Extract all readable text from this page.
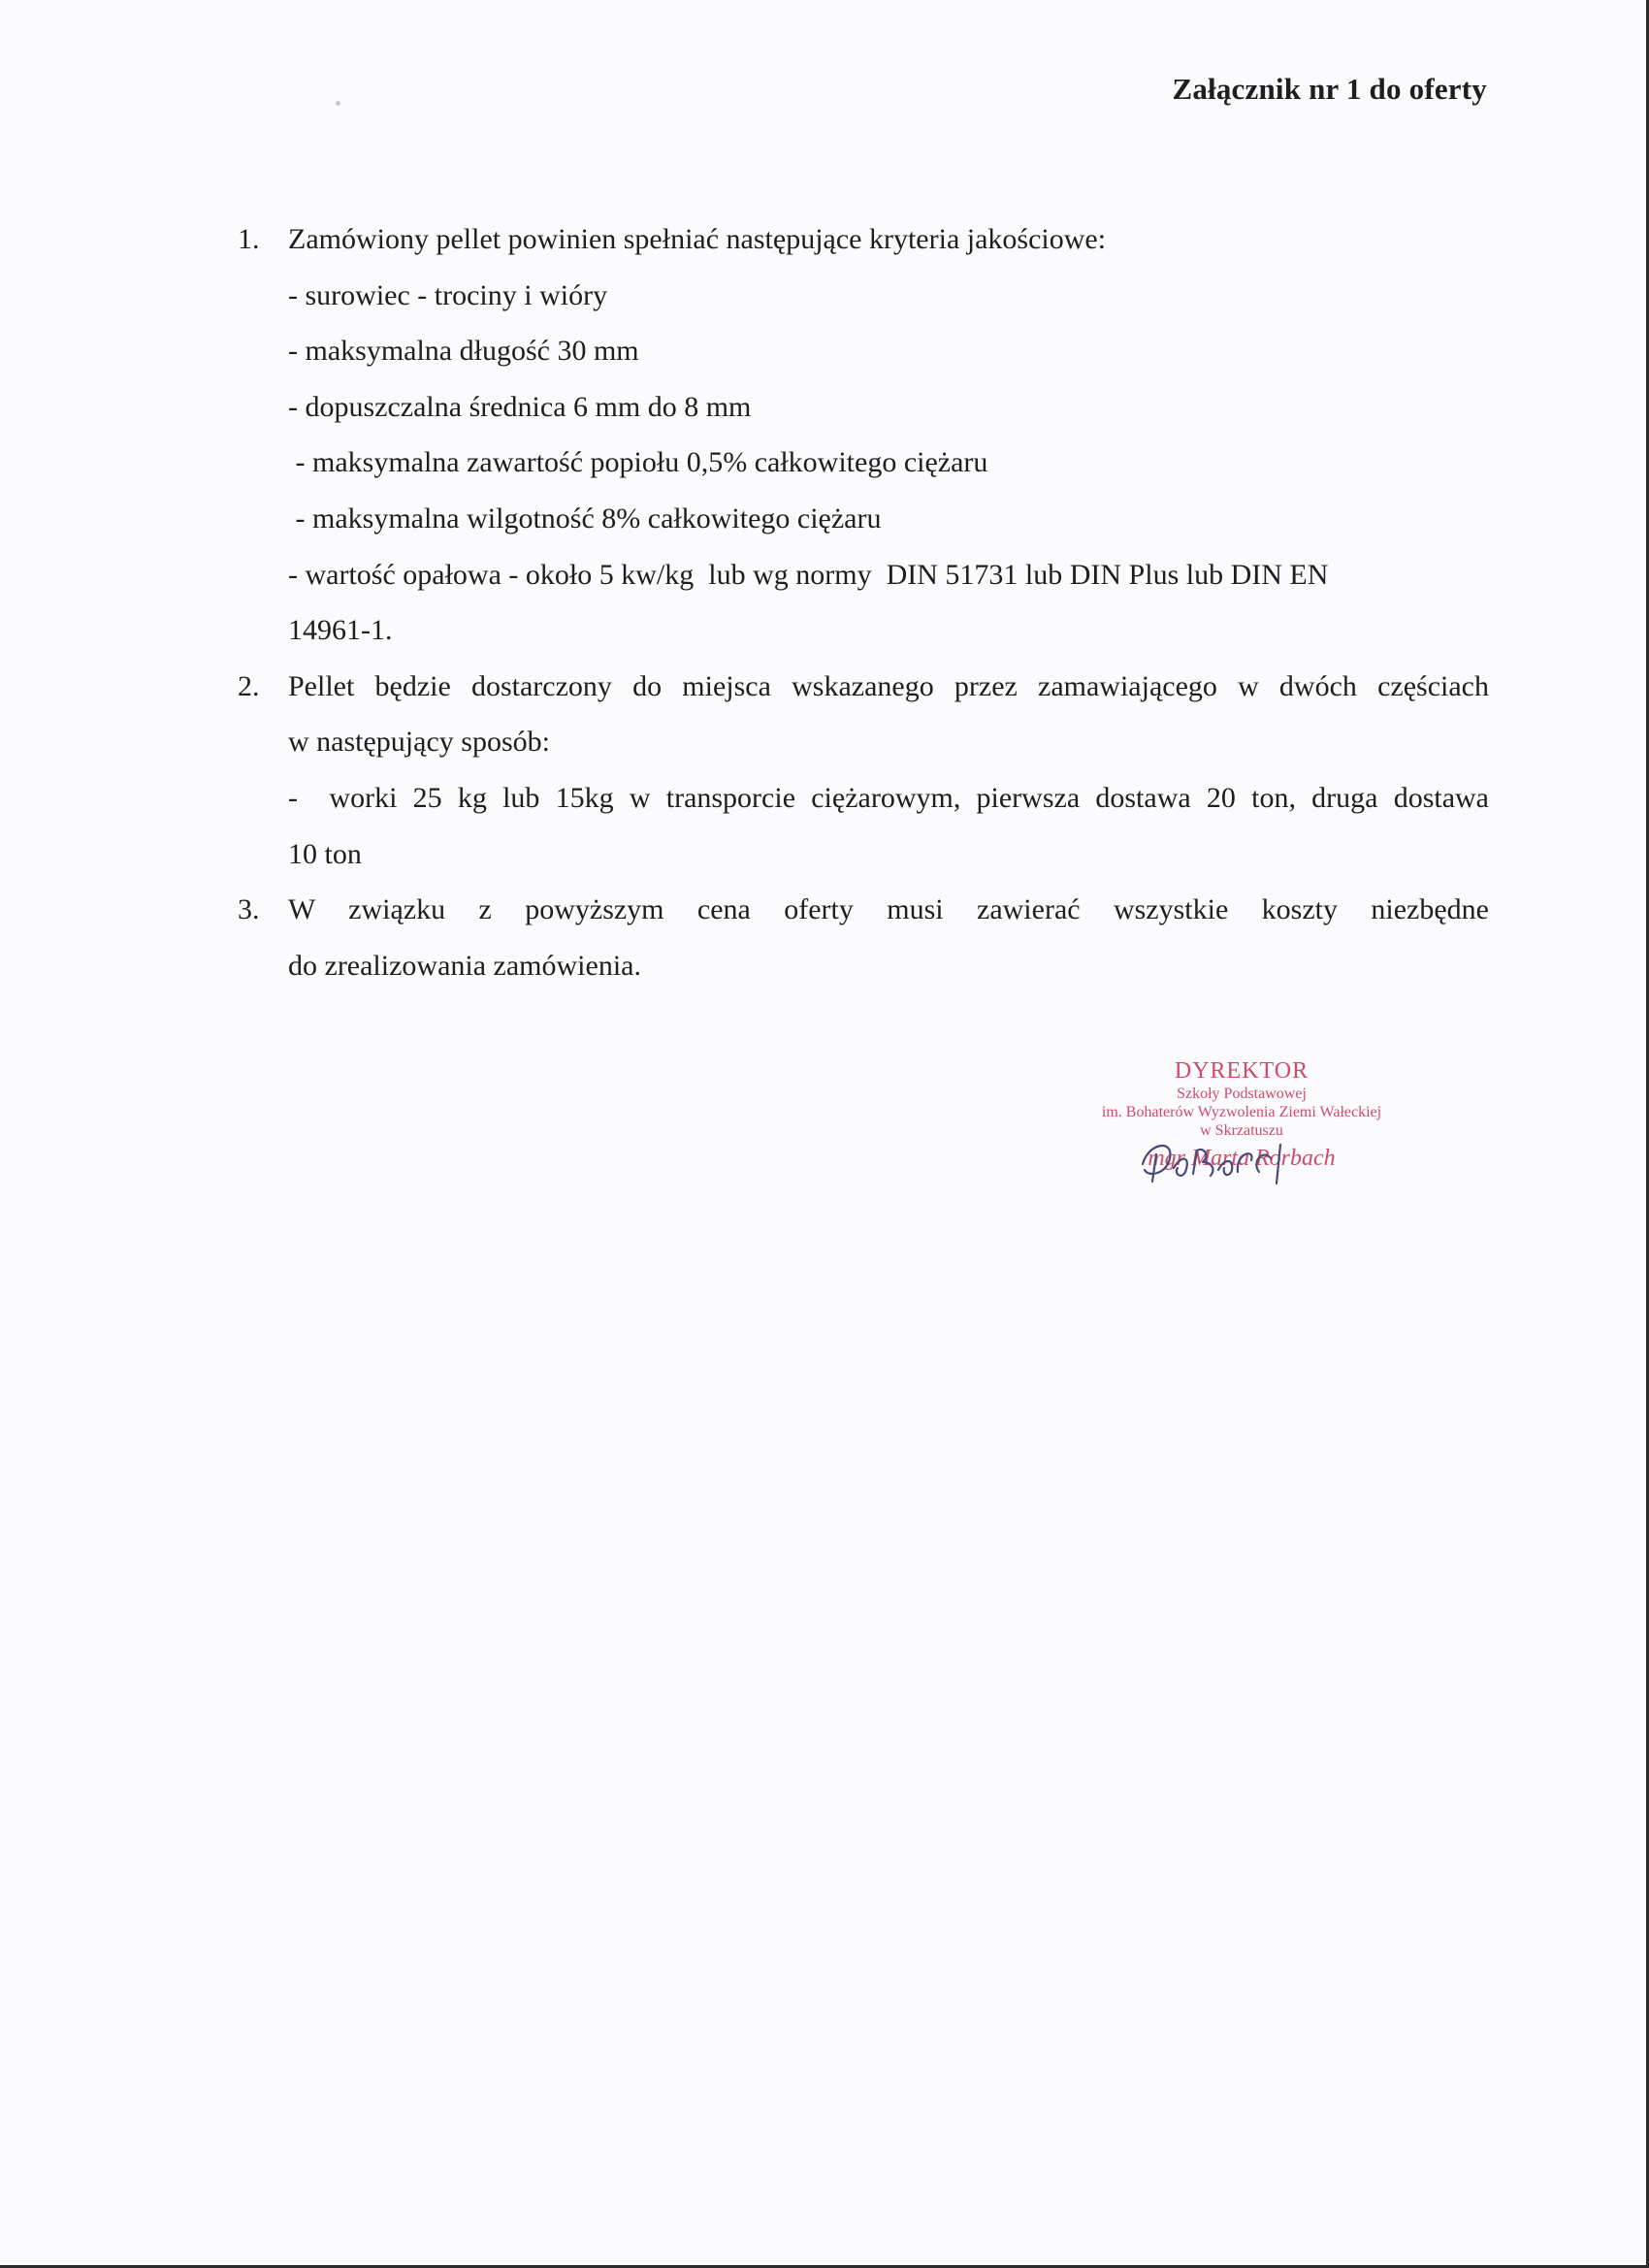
Załącznik nr 1 do oferty
1. Zamówiony pellet powinien spełniać następujące kryteria jakościowe:
- surowiec - trociny i wióry
- maksymalna długość 30 mm
- dopuszczalna średnica 6 mm do 8 mm
- maksymalna zawartość popiołu 0,5% całkowitego ciężaru
- maksymalna wilgotność 8% całkowitego ciężaru
- wartość opałowa - około 5 kw/kg  lub wg normy  DIN 51731 lub DIN Plus lub DIN EN
14961-1.
2. Pellet będzie dostarczony do miejsca wskazanego przez zamawiającego w dwóch częściach
w następujący sposób:
-  worki 25 kg lub 15kg w transporcie ciężarowym, pierwsza dostawa 20 ton, druga dostawa
10 ton
3. W związku z powyższym cena oferty musi zawierać wszystkie koszty niezbędne
do zrealizowania zamówienia.
DYREKTOR
Szkoły Podstawowej
im. Bohaterów Wyzwolenia Ziemi Wałeckiej
w Skrzatuszu
mgr Marta Rorbach
